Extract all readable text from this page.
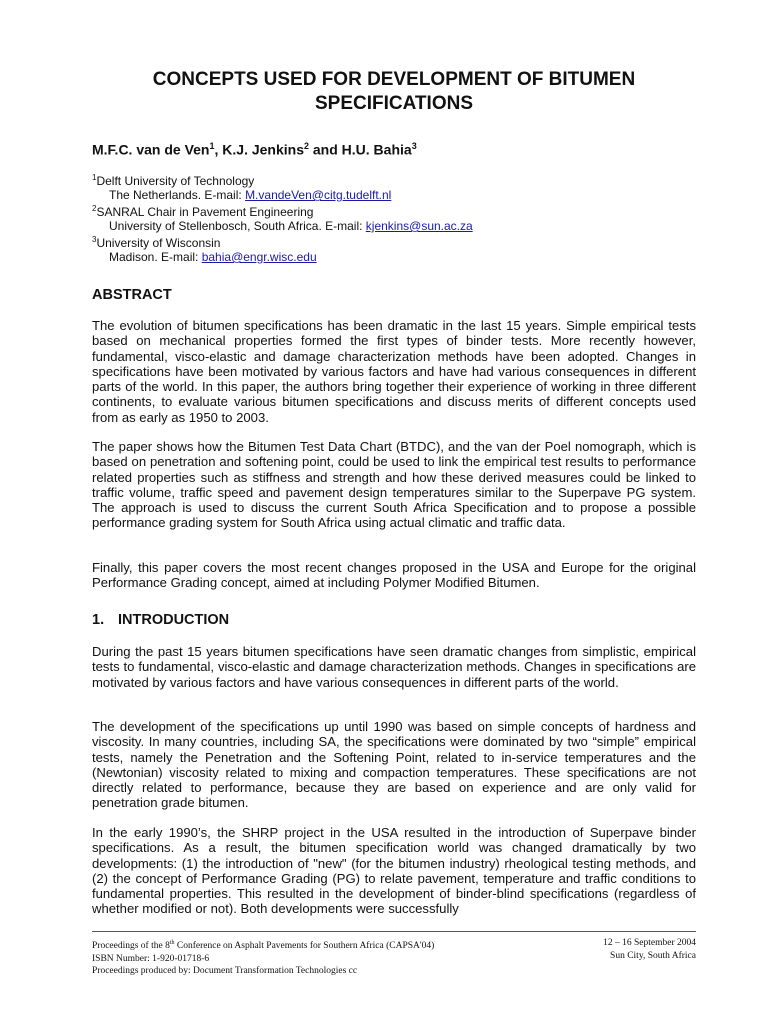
CONCEPTS USED FOR DEVELOPMENT OF BITUMEN
SPECIFICATIONS
M.F.C. van de Ven$^1$, K.J. Jenkins$^2$ and H.U. Bahia$^3$
$^1$Delft University of Technology
The Netherlands. E-mail: M.vandeVen@citg.tudelft.nl
$^2$SANRAL Chair in Pavement Engineering
University of Stellenbosch, South Africa. E-mail: kjenkins@sun.ac.za
$^3$University of Wisconsin
Madison. E-mail: bahia@engr.wisc.edu
ABSTRACT
The evolution of bitumen specifications has been dramatic in the last 15 years. Simple empirical tests based on mechanical properties formed the first types of binder tests. More recently however, fundamental, visco-elastic and damage characterization methods have been adopted. Changes in specifications have been motivated by various factors and have had various consequences in different parts of the world. In this paper, the authors bring together their experience of working in three different continents, to evaluate various bitumen specifications and discuss merits of different concepts used from as early as 1950 to 2003.
The paper shows how the Bitumen Test Data Chart (BTDC), and the van der Poel nomograph, which is based on penetration and softening point, could be used to link the empirical test results to performance related properties such as stiffness and strength and how these derived measures could be linked to traffic volume, traffic speed and pavement design temperatures similar to the Superpave PG system. The approach is used to discuss the current South Africa Specification and to propose a possible performance grading system for South Africa using actual climatic and traffic data.
Finally, this paper covers the most recent changes proposed in the USA and Europe for the original Performance Grading concept, aimed at including Polymer Modified Bitumen.
1. INTRODUCTION
During the past 15 years bitumen specifications have seen dramatic changes from simplistic, empirical tests to fundamental, visco-elastic and damage characterization methods. Changes in specifications are motivated by various factors and have various consequences in different parts of the world.
The development of the specifications up until 1990 was based on simple concepts of hardness and viscosity. In many countries, including SA, the specifications were dominated by two “simple” empirical tests, namely the Penetration and the Softening Point, related to in-service temperatures and the (Newtonian) viscosity related to mixing and compaction temperatures. These specifications are not directly related to performance, because they are based on experience and are only valid for penetration grade bitumen.
In the early 1990’s, the SHRP project in the USA resulted in the introduction of Superpave binder specifications. As a result, the bitumen specification world was changed dramatically by two developments: (1) the introduction of "new" (for the bitumen industry) rheological testing methods, and (2) the concept of Performance Grading (PG) to relate pavement, temperature and traffic conditions to fundamental properties. This resulted in the development of binder-blind specifications (regardless of whether modified or not). Both developments were successfully
Proceedings of the 8th Conference on Asphalt Pavements for Southern Africa (CAPSA'04)
ISBN Number: 1-920-01718-6
Proceedings produced by: Document Transformation Technologies cc
12 – 16 September 2004
Sun City, South Africa
